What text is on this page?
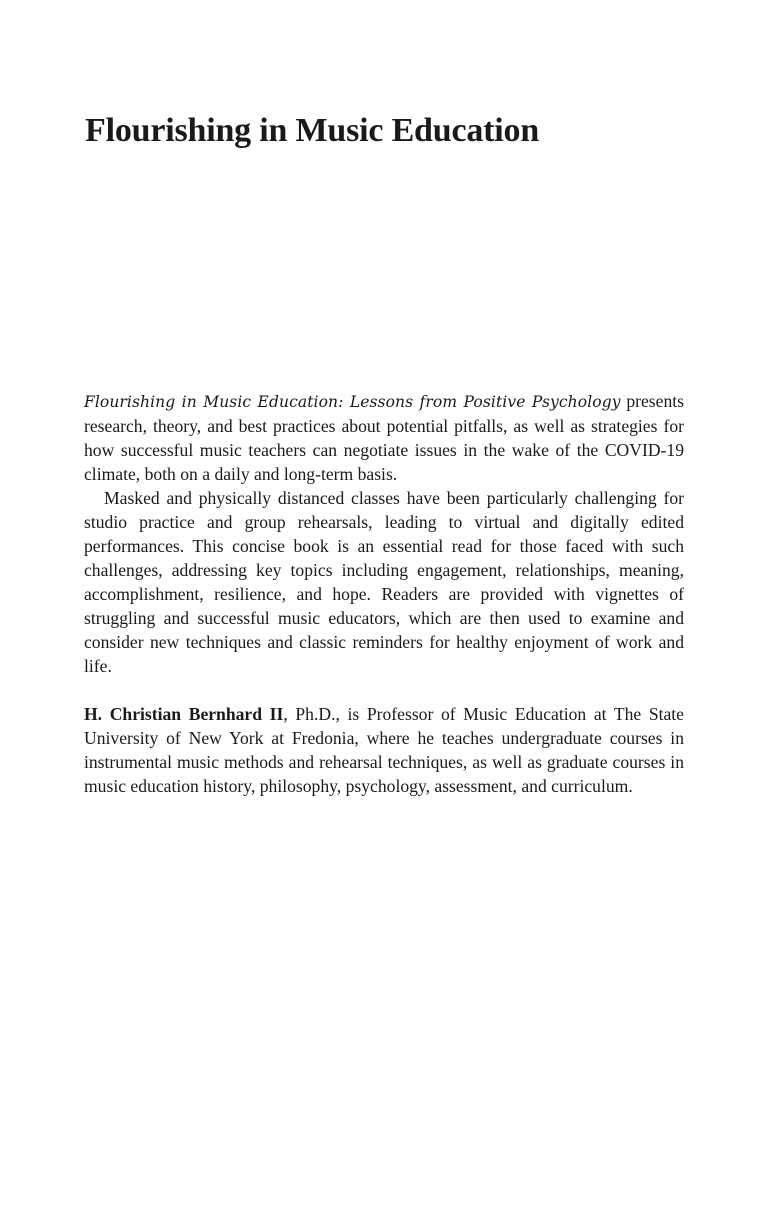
Flourishing in Music Education

Flourishing in Music Education: Lessons from Positive Psychology presents research, theory, and best practices about potential pitfalls, as well as strategies for how successful music teachers can negotiate issues in the wake of the COVID-19 climate, both on a daily and long-term basis.

Masked and physically distanced classes have been particularly challenging for studio practice and group rehearsals, leading to virtual and digitally edited performances. This concise book is an essential read for those faced with such challenges, addressing key topics including engagement, relationships, meaning, accomplishment, resilience, and hope. Readers are provided with vignettes of struggling and successful music educators, which are then used to examine and consider new techniques and classic reminders for healthy enjoyment of work and life.

H. Christian Bernhard II, Ph.D., is Professor of Music Education at The State University of New York at Fredonia, where he teaches undergraduate courses in instrumental music methods and rehearsal techniques, as well as graduate courses in music education history, philosophy, psychology, assessment, and curriculum.
